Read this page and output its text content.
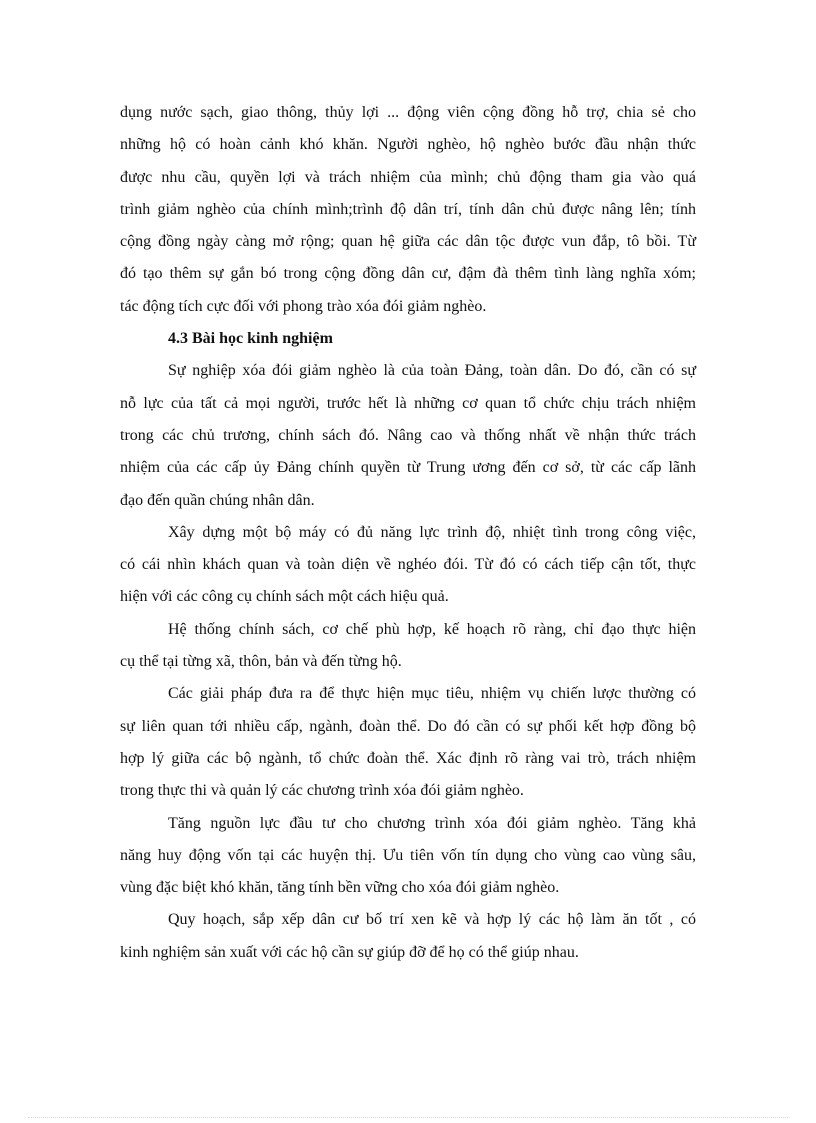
dụng nước sạch, giao thông, thủy lợi ... động viên cộng đồng hỗ trợ, chia sẻ cho
những hộ có hoàn cảnh khó khăn. Người nghèo, hộ nghèo bước đầu nhận thức
được nhu cầu, quyền lợi và trách nhiệm của mình; chủ động tham gia vào quá
trình giảm nghèo của chính mình;trình độ dân trí, tính dân chủ được nâng lên; tính
cộng đồng ngày càng mở rộng; quan hệ giữa các dân tộc được vun đắp, tô bồi. Từ
đó tạo thêm sự gắn bó trong cộng đồng dân cư, đậm đà thêm tình làng nghĩa xóm;
tác động tích cực đối với phong trào xóa đói giảm nghèo.
4.3 Bài học kinh nghiệm
Sự nghiệp xóa đói giảm nghèo là của toàn Đảng, toàn dân. Do đó, cần có sự
nỗ lực của tất cả mọi người, trước hết là những cơ quan tổ chức chịu trách nhiệm
trong các chủ trương, chính sách đó. Nâng cao và thống nhất về nhận thức trách
nhiệm của các cấp ủy Đảng chính quyền từ Trung ương đến cơ sở, từ các cấp lãnh
đạo đến quần chúng nhân dân.
Xây dựng một bộ máy có đủ năng lực trình độ, nhiệt tình trong công việc,
có cái nhìn khách quan và toàn diện về nghéo đói. Từ đó có cách tiếp cận tốt, thực
hiện với các công cụ chính sách một cách hiệu quả.
Hệ thống chính sách, cơ chế phù hợp, kế hoạch rõ ràng, chỉ đạo thực hiện
cụ thể tại từng xã, thôn, bản và đến từng hộ.
Các giải pháp đưa ra để thực hiện mục tiêu, nhiệm vụ chiến lược thường có
sự liên quan tới nhiều cấp, ngành, đoàn thể. Do đó cần có sự phối kết hợp đồng bộ
hợp lý giữa các bộ ngành, tổ chức đoàn thể. Xác định rõ ràng vai trò, trách nhiệm
trong thực thi và quản lý các chương trình xóa đói giảm nghèo.
Tăng nguồn lực đầu tư cho chương trình xóa đói giảm nghèo. Tăng khả
năng huy động vốn tại các huyện thị. Ưu tiên vốn tín dụng cho vùng cao vùng sâu,
vùng đặc biệt khó khăn, tăng tính bền vững cho xóa đói giảm nghèo.
Quy hoạch, sắp xếp dân cư bố trí xen kẽ và hợp lý các hộ làm ăn tốt , có
kinh nghiệm sản xuất với các hộ cần sự giúp đỡ để họ có thể giúp nhau.
